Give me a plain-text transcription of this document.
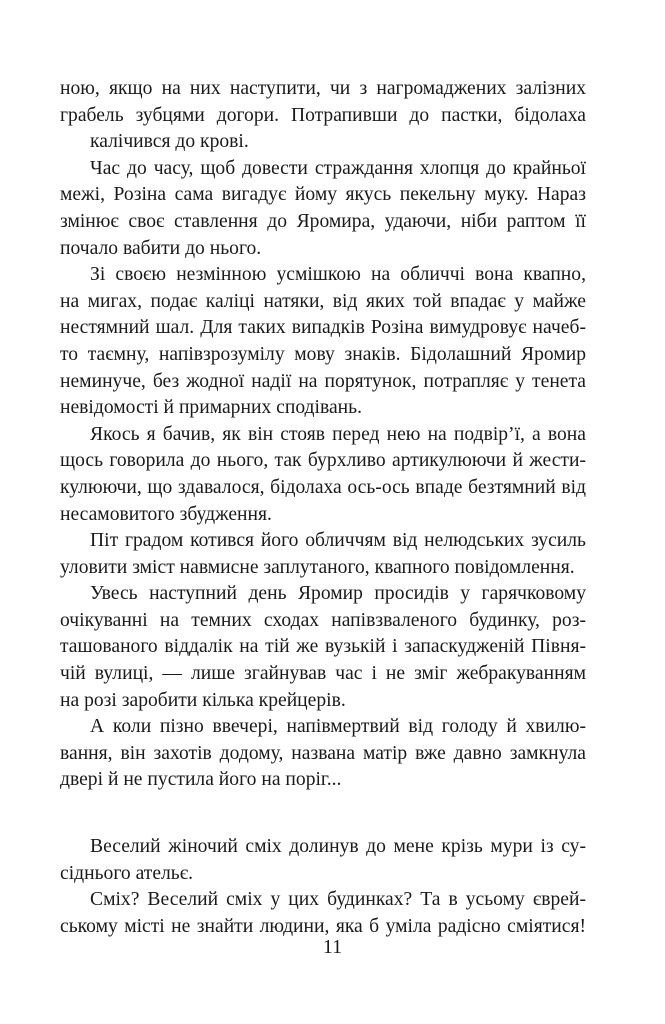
ною, якщо на них наступити, чи з нагромаджених залізних
грабель зубцями догори. Потрапивши до пастки, бідолаха
калічився до крові.
Час до часу, щоб довести страждання хлопця до крайньої
межі, Розіна сама вигадує йому якусь пекельну муку. Нараз
змінює своє ставлення до Яромира, удаючи, ніби раптом її
почало вабити до нього.
Зі своєю незмінною усмішкою на обличчі вона квапно,
на мигах, подає каліці натяки, від яких той впадає у майже
нестямний шал. Для таких випадків Розіна вимудровує начеб-
то таємну, напівзрозумілу мову знаків. Бідолашний Яромир
неминуче, без жодної надії на порятунок, потрапляє у тенета
невідомості й примарних сподівань.
Якось я бачив, як він стояв перед нею на подвір’ї, а вона
щось говорила до нього, так бурхливо артикулюючи й жести-
кулюючи, що здавалося, бідолаха ось-ось впаде безтямний від
несамовитого збудження.
Піт градом котився його обличчям від нелюдських зусиль
уловити зміст навмисне заплутаного, квапного повідомлення.
Увесь наступний день Яромир просидів у гарячковому
очікуванні на темних сходах напівзваленого будинку, роз-
ташованого віддалік на тій же вузькій і запаскудженій Півня-
чій вулиці, — лише згайнував час і не зміг жебракуванням
на розі заробити кілька крейцерів.
А коли пізно ввечері, напівмертвий від голоду й хвилю-
вання, він захотів додому, названа матір вже давно замкнула
двері й не пустила його на поріг...
Веселий жіночий сміх долинув до мене крізь мури із су-
сіднього ательє.
Сміх? Веселий сміх у цих будинках? Та в усьому єврей-
ському місті не знайти людини, яка б уміла радісно сміятися!
11
